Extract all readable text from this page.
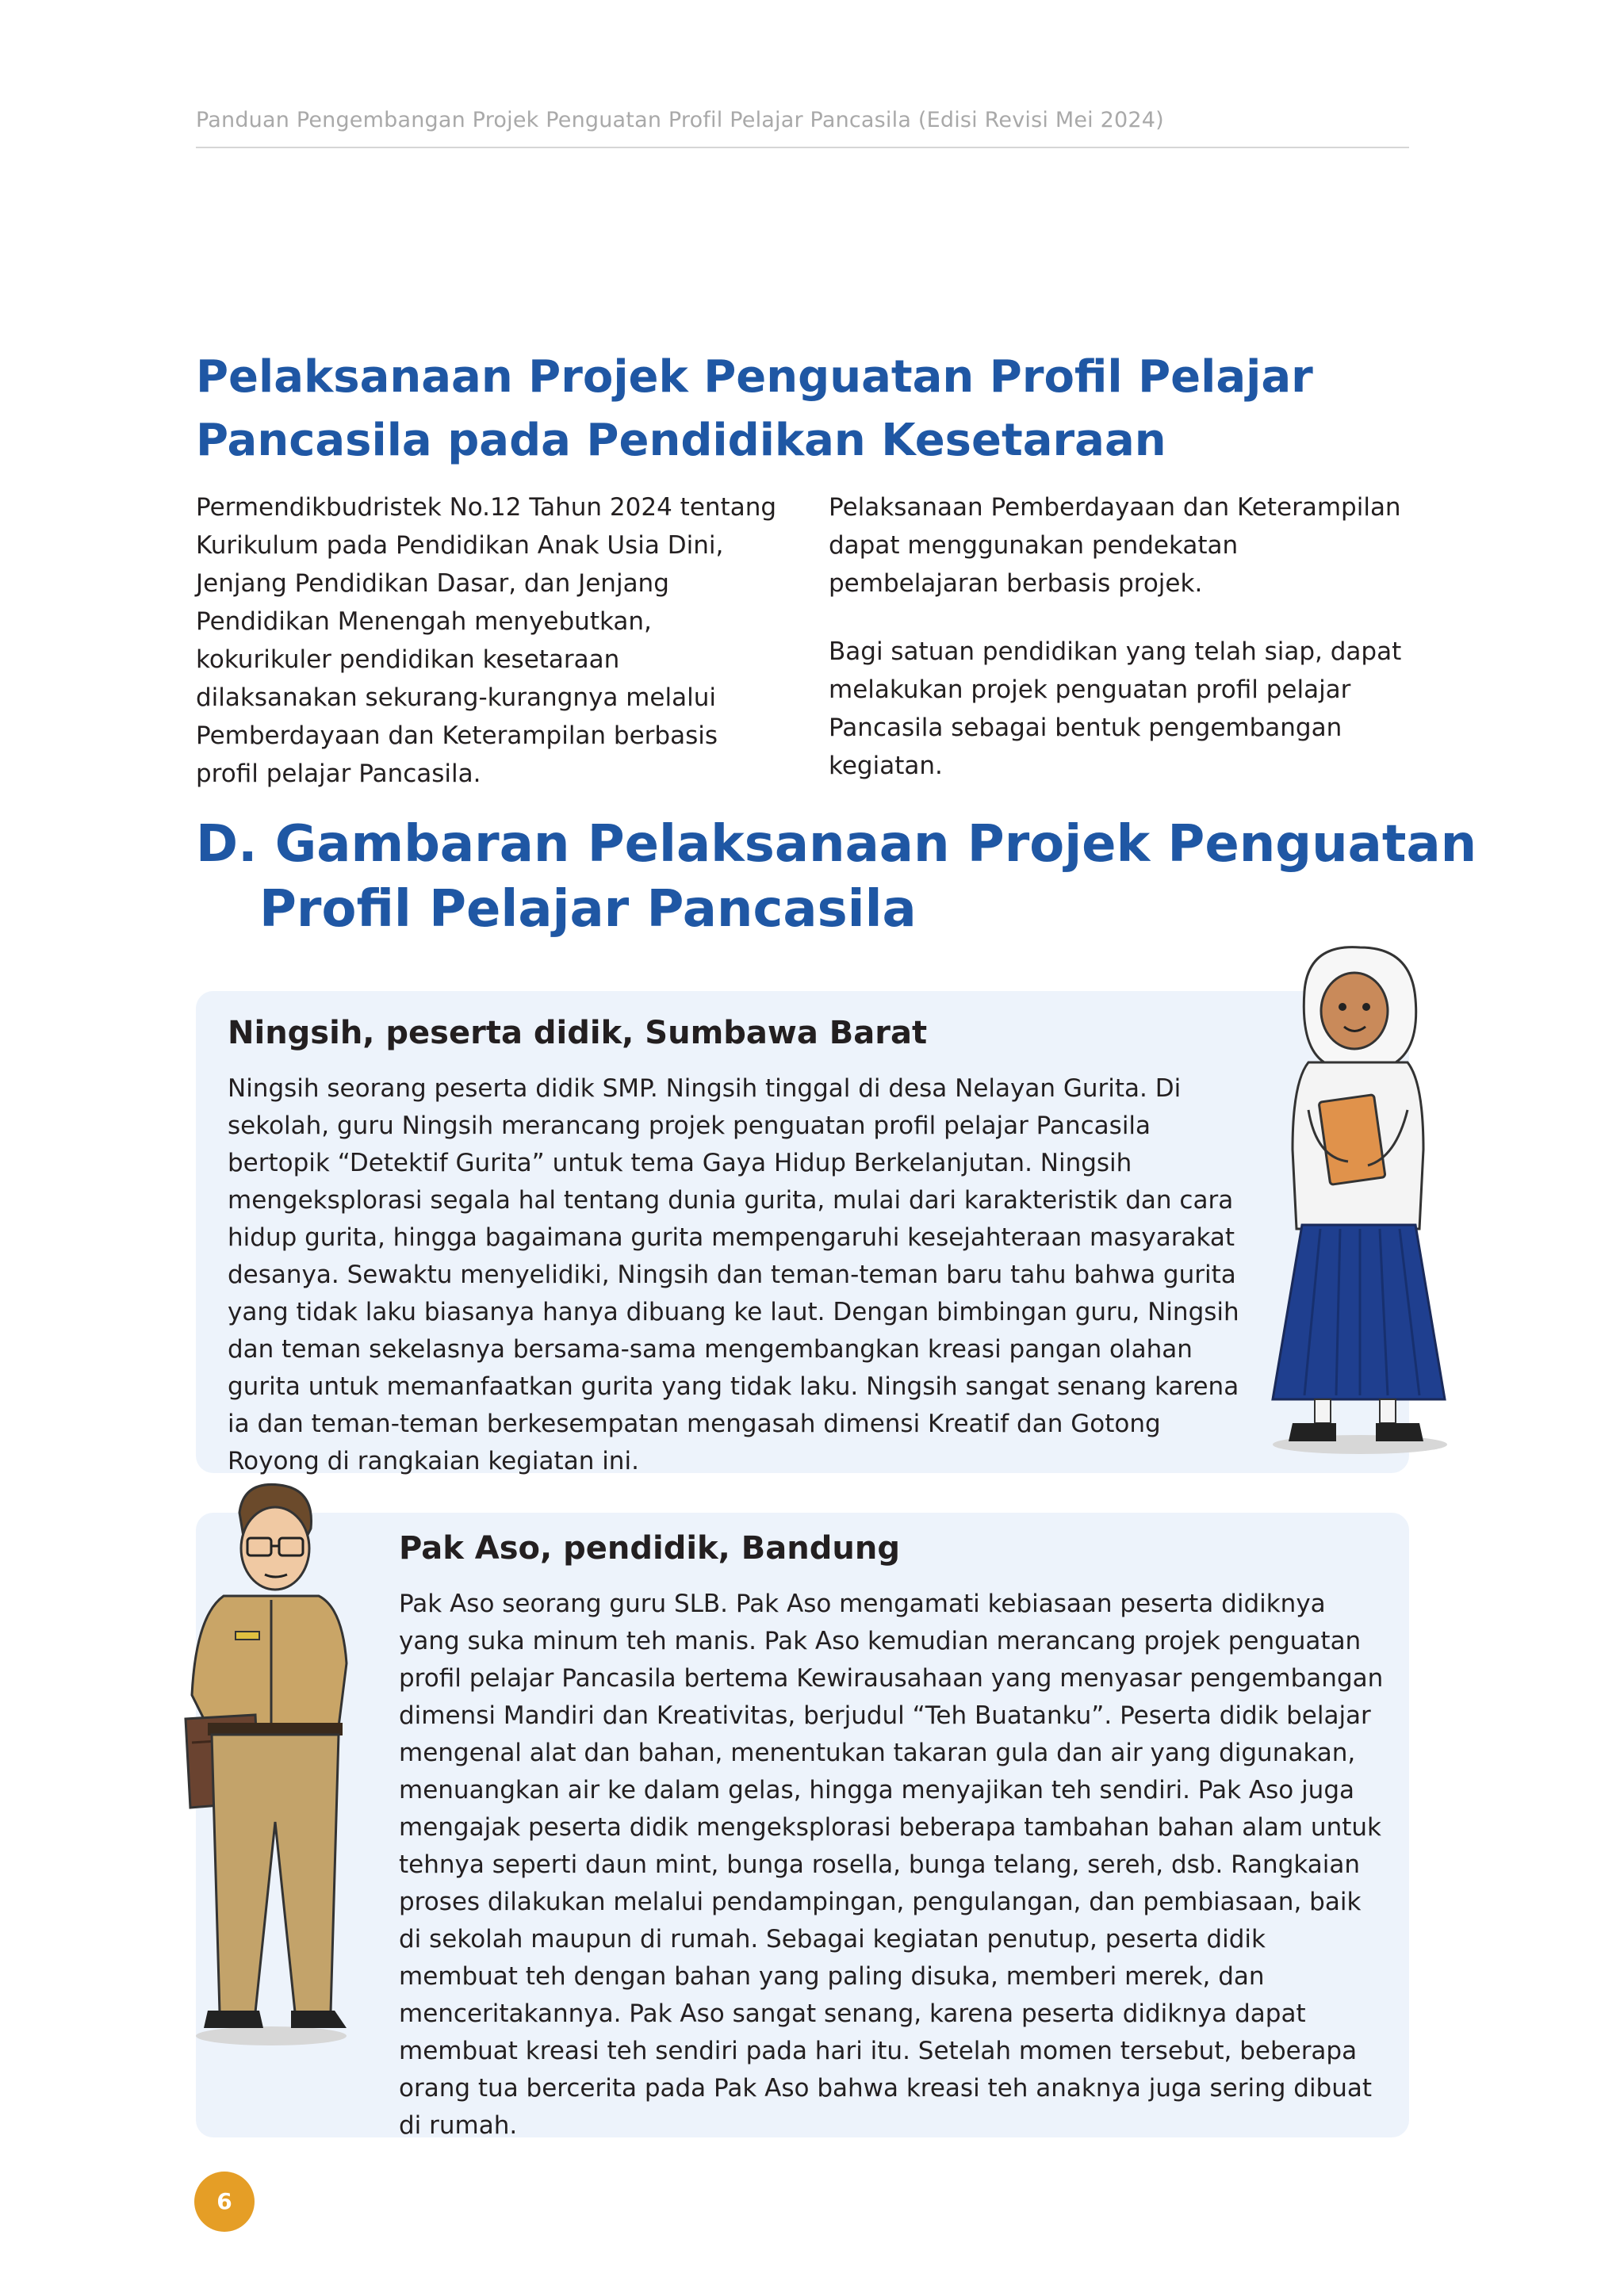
Panduan Pengembangan Projek Penguatan Profil Pelajar Pancasila (Edisi Revisi Mei 2024)
Pelaksanaan Projek Penguatan Profil Pelajar Pancasila pada Pendidikan Kesetaraan

Permendikbudristek No.12 Tahun 2024 tentang Kurikulum pada Pendidikan Anak Usia Dini, Jenjang Pendidikan Dasar, dan Jenjang Pendidikan Menengah menyebutkan, kokurikuler pendidikan kesetaraan dilaksanakan sekurang-kurangnya melalui Pemberdayaan dan Keterampilan berbasis profil pelajar Pancasila.

Pelaksanaan Pemberdayaan dan Keterampilan dapat menggunakan pendekatan pembelajaran berbasis projek.

Bagi satuan pendidikan yang telah siap, dapat melakukan projek penguatan profil pelajar Pancasila sebagai bentuk pengembangan kegiatan.

D. Gambaran Pelaksanaan Projek Penguatan
Profil Pelajar Pancasila
Ningsih, peserta didik, Sumbawa Barat

Ningsih seorang peserta didik SMP. Ningsih tinggal di desa Nelayan Gurita. Di sekolah, guru Ningsih merancang projek penguatan profil pelajar Pancasila bertopik “Detektif Gurita” untuk tema Gaya Hidup Berkelanjutan. Ningsih mengeksplorasi segala hal tentang dunia gurita, mulai dari karakteristik dan cara hidup gurita, hingga bagaimana gurita mempengaruhi kesejahteraan masyarakat desanya. Sewaktu menyelidiki, Ningsih dan teman-teman baru tahu bahwa gurita yang tidak laku biasanya hanya dibuang ke laut. Dengan bimbingan guru, Ningsih dan teman sekelasnya bersama-sama mengembangkan kreasi pangan olahan gurita untuk memanfaatkan gurita yang tidak laku. Ningsih sangat senang karena ia dan teman-teman berkesempatan mengasah dimensi Kreatif dan Gotong Royong di rangkaian kegiatan ini.

Pak Aso, pendidik, Bandung

Pak Aso seorang guru SLB. Pak Aso mengamati kebiasaan peserta didiknya yang suka minum teh manis. Pak Aso kemudian merancang projek penguatan profil pelajar Pancasila bertema Kewirausahaan yang menyasar pengembangan dimensi Mandiri dan Kreativitas, berjudul “Teh Buatanku”. Peserta didik belajar mengenal alat dan bahan, menentukan takaran gula dan air yang digunakan, menuangkan air ke dalam gelas, hingga menyajikan teh sendiri. Pak Aso juga mengajak peserta didik mengeksplorasi beberapa tambahan bahan alam untuk tehnya seperti daun mint, bunga rosella, bunga telang, sereh, dsb. Rangkaian proses dilakukan melalui pendampingan, pengulangan, dan pembiasaan, baik di sekolah maupun di rumah. Sebagai kegiatan penutup, peserta didik membuat teh dengan bahan yang paling disuka, memberi merek, dan menceritakannya. Pak Aso sangat senang, karena peserta didiknya dapat membuat kreasi teh sendiri pada hari itu. Setelah momen tersebut, beberapa orang tua bercerita pada Pak Aso bahwa kreasi teh anaknya juga sering dibuat di rumah.

6
